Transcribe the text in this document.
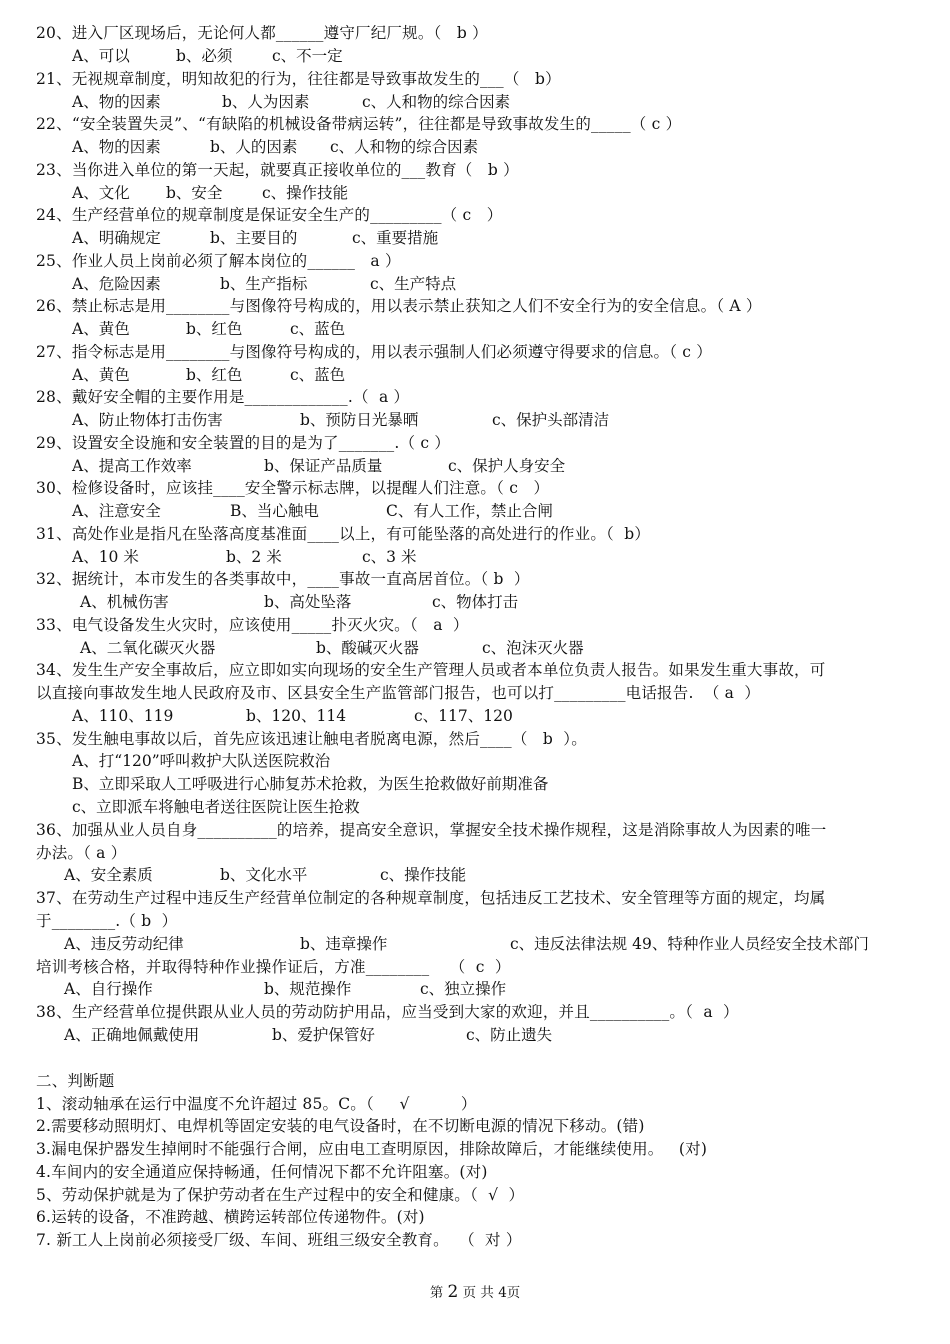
20、进入厂区现场后，无论何人都______遵守厂纪厂规。（   b ）
21、无视规章制度，明知故犯的行为，往往都是导致事故发生的___（   b）
22、“安全装置失灵”、“有缺陷的机械设备带病运转”，往往都是导致事故发生的_____（ c ）
23、当你进入单位的第一天起，就要真正接收单位的___教育（   b ）
24、生产经营单位的规章制度是保证安全生产的_________（ c   ）
25、作业人员上岗前必须了解本岗位的______   a ）
26、禁止标志是用________与图像符号构成的，用以表示禁止获知之人们不安全行为的安全信息。（ A ）
27、指令标志是用________与图像符号构成的，用以表示强制人们必须遵守得要求的信息。（ c ）
28、戴好安全帽的主要作用是_____________.（  a ）
29、设置安全设施和安全装置的目的是为了_______.（ c ）
30、检修设备时，应该挂____安全警示标志牌，以提醒人们注意。（ c   ）
31、高处作业是指凡在坠落高度基准面____以上，有可能坠落的高处进行的作业。（  b）
32、据统计，本市发生的各类事故中，____事故一直高居首位。（ b  ）
33、电气设备发生火灾时，应该使用_____扑灭火灾。（   a  ）
34、发生生产安全事故后，应立即如实向现场的安全生产管理人员或者本单位负责人报告。如果发生重大事故，可
以直接向事故发生地人民政府及市、区县安全生产监管部门报告，也可以打_________电话报告.  （ a  ）
35、发生触电事故以后，首先应该迅速让触电者脱离电源，然后____（   b  ）。
36、加强从业人员自身__________的培养，提高安全意识，掌握安全技术操作规程，这是消除事故人为因素的唯一
办法。（ a ）
37、在劳动生产过程中违反生产经营单位制定的各种规章制度，包括违反工艺技术、安全管理等方面的规定，均属
于________.（ b  ）
培训考核合格，并取得特种作业操作证后，方准________    （  c  ）
38、生产经营单位提供跟从业人员的劳动防护用品，应当受到大家的欢迎，并且__________。（  a  ）
二、判断题
1、滚动轴承在运行中温度不允许超过 85。C。（     √          ）
2.需要移动照明灯、电焊机等固定安装的电气设备时，在不切断电源的情况下移动。(错)
3.漏电保护器发生掉闸时不能强行合闸，应由电工查明原因，排除故障后，才能继续使用。   (对)
4.车间内的安全通道应保持畅通，任何情况下都不允许阻塞。(对)
5、劳动保护就是为了保护劳动者在生产过程中的安全和健康。（  √  ）
6.运转的设备，不准跨越、横跨运转部位传递物件。(对)
7. 新工人上岗前必须接受厂级、车间、班组三级安全教育。  （  对 ）
A、可以	b、必须	c、不一定
A、物的因素	b、人为因素	c、人和物的综合因素
A、物的因素	b、人的因素 c、人和物的综合因素
A、文化 b、安全	c、操作技能
A、明确规定	b、主要目的	c、重要措施
A、危险因素	b、生产指标	c、生产特点
A、黄色	b、红色	c、蓝色
A、黄色	b、红色	c、蓝色
A、防止物体打击伤害	b、预防日光暴晒	c、保护头部清洁
A、提高工作效率	b、保证产品质量	c、保护人身安全
A、注意安全	B、当心触电	C、有人工作，禁止合闸
A、10 米	b、2 米	c、3 米
A、机械伤害	b、高处坠落	c、物体打击
A、二氧化碳灭火器	b、酸碱灭火器	c、泡沫灭火器
A、110、119	b、120、114	c、117、120
A、打“120”呼叫救护大队送医院救治
B、立即采取人工呼吸进行心肺复苏术抢救，为医生抢救做好前期准备
c、立即派车将触电者送往医院让医生抢救
A、安全素质	b、文化水平	c、操作技能
A、违反劳动纪律	b、违章操作	c、违反法律法规 49、特种作业人员经安全技术部门
A、自行操作	b、规范操作	c、独立操作
A、正确地佩戴使用	b、爱护保管好	c、防止遗失
第 2 页 共 4页
